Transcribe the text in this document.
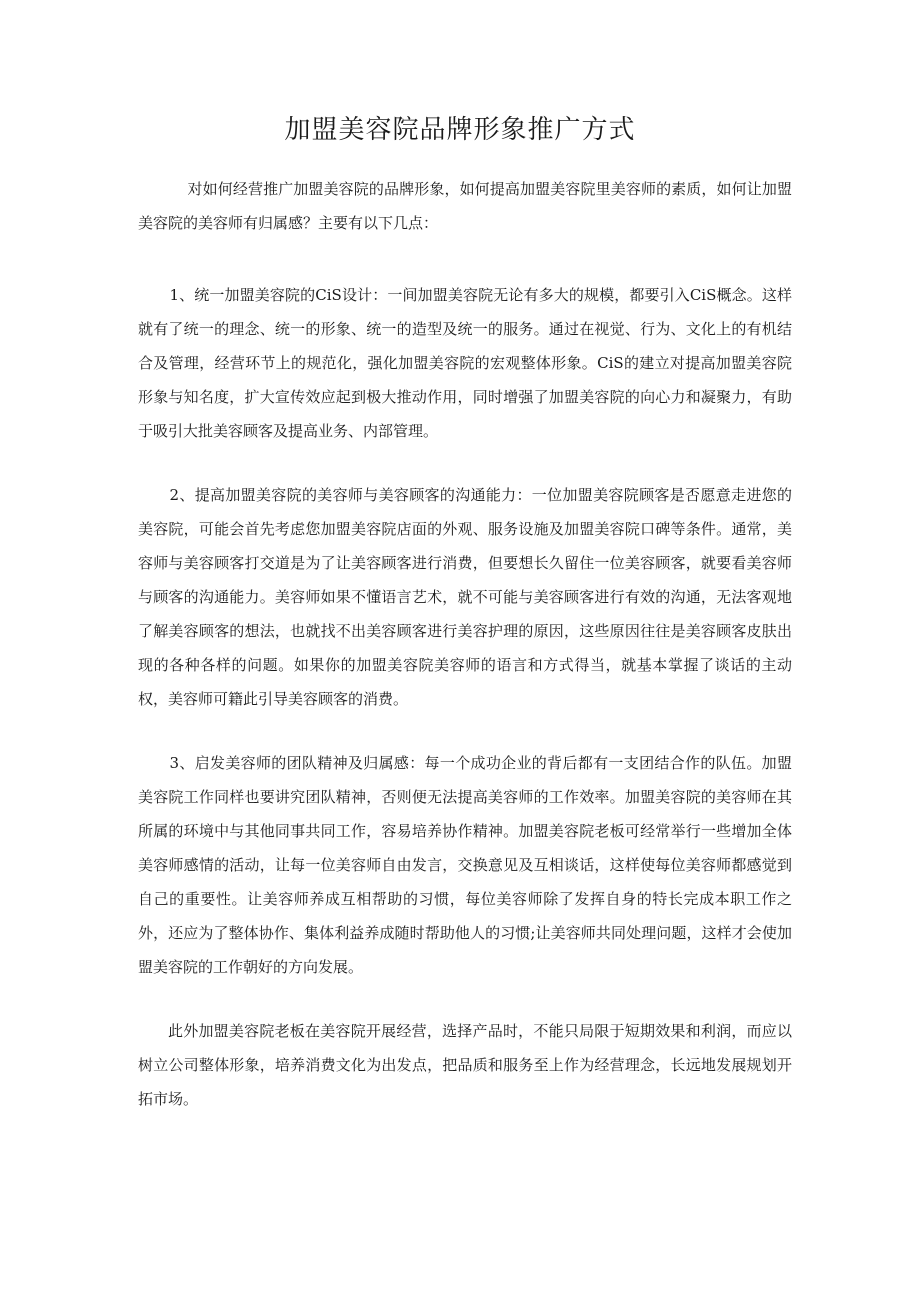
加盟美容院品牌形象推广方式

对如何经营推广加盟美容院的品牌形象，如何提高加盟美容院里美容师的素质，如何让加盟美容院的美容师有归属感？主要有以下几点：

1、统一加盟美容院的CiS设计：一间加盟美容院无论有多大的规模，都要引入CiS概念。这样就有了统一的理念、统一的形象、统一的造型及统一的服务。通过在视觉、行为、文化上的有机结合及管理，经营环节上的规范化，强化加盟美容院的宏观整体形象。CiS的建立对提高加盟美容院形象与知名度，扩大宣传效应起到极大推动作用，同时增强了加盟美容院的向心力和凝聚力，有助于吸引大批美容顾客及提高业务、内部管理。

2、提高加盟美容院的美容师与美容顾客的沟通能力：一位加盟美容院顾客是否愿意走进您的美容院，可能会首先考虑您加盟美容院店面的外观、服务设施及加盟美容院口碑等条件。通常，美容师与美容顾客打交道是为了让美容顾客进行消费，但要想长久留住一位美容顾客，就要看美容师与顾客的沟通能力。美容师如果不懂语言艺术，就不可能与美容顾客进行有效的沟通，无法客观地了解美容顾客的想法，也就找不出美容顾客进行美容护理的原因，这些原因往往是美容顾客皮肤出现的各种各样的问题。如果你的加盟美容院美容师的语言和方式得当，就基本掌握了谈话的主动权，美容师可籍此引导美容顾客的消费。

3、启发美容师的团队精神及归属感：每一个成功企业的背后都有一支团结合作的队伍。加盟美容院工作同样也要讲究团队精神，否则便无法提高美容师的工作效率。加盟美容院的美容师在其所属的环境中与其他同事共同工作，容易培养协作精神。加盟美容院老板可经常举行一些增加全体美容师感情的活动，让每一位美容师自由发言，交换意见及互相谈话，这样使每位美容师都感觉到自己的重要性。让美容师养成互相帮助的习惯，每位美容师除了发挥自身的特长完成本职工作之外，还应为了整体协作、集体利益养成随时帮助他人的习惯;让美容师共同处理问题，这样才会使加盟美容院的工作朝好的方向发展。

此外加盟美容院老板在美容院开展经营，选择产品时，不能只局限于短期效果和利润，而应以树立公司整体形象，培养消费文化为出发点，把品质和服务至上作为经营理念，长远地发展规划开拓市场。
